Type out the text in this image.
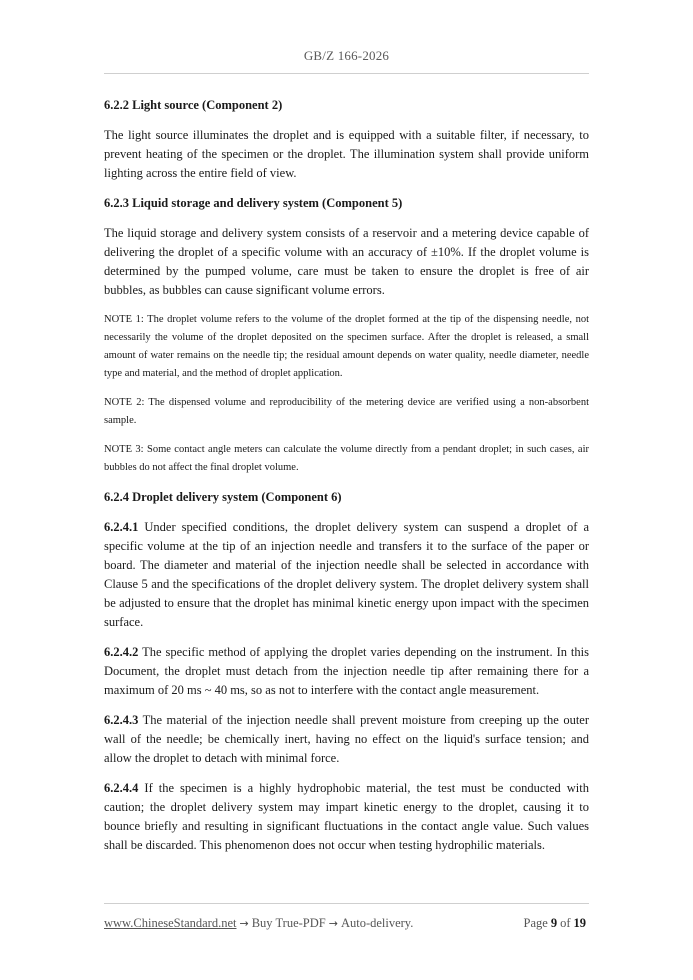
GB/Z 166-2026
6.2.2 Light source (Component 2)

The light source illuminates the droplet and is equipped with a suitable filter, if necessary, to prevent heating of the specimen or the droplet. The illumination system shall provide uniform lighting across the entire field of view.

6.2.3 Liquid storage and delivery system (Component 5)

The liquid storage and delivery system consists of a reservoir and a metering device capable of delivering the droplet of a specific volume with an accuracy of ±10%. If the droplet volume is determined by the pumped volume, care must be taken to ensure the droplet is free of air bubbles, as bubbles can cause significant volume errors.

NOTE 1: The droplet volume refers to the volume of the droplet formed at the tip of the dispensing needle, not necessarily the volume of the droplet deposited on the specimen surface. After the droplet is released, a small amount of water remains on the needle tip; the residual amount depends on water quality, needle diameter, needle type and material, and the method of droplet application.

NOTE 2: The dispensed volume and reproducibility of the metering device are verified using a non-absorbent sample.

NOTE 3: Some contact angle meters can calculate the volume directly from a pendant droplet; in such cases, air bubbles do not affect the final droplet volume.

6.2.4 Droplet delivery system (Component 6)

6.2.4.1 Under specified conditions, the droplet delivery system can suspend a droplet of a specific volume at the tip of an injection needle and transfers it to the surface of the paper or board. The diameter and material of the injection needle shall be selected in accordance with Clause 5 and the specifications of the droplet delivery system. The droplet delivery system shall be adjusted to ensure that the droplet has minimal kinetic energy upon impact with the specimen surface.

6.2.4.2 The specific method of applying the droplet varies depending on the instrument. In this Document, the droplet must detach from the injection needle tip after remaining there for a maximum of 20 ms ~ 40 ms, so as not to interfere with the contact angle measurement.

6.2.4.3 The material of the injection needle shall prevent moisture from creeping up the outer wall of the needle; be chemically inert, having no effect on the liquid's surface tension; and allow the droplet to detach with minimal force.

6.2.4.4 If the specimen is a highly hydrophobic material, the test must be conducted with caution; the droplet delivery system may impart kinetic energy to the droplet, causing it to bounce briefly and resulting in significant fluctuations in the contact angle value. Such values shall be discarded. This phenomenon does not occur when testing hydrophilic materials.

www.ChineseStandard.net → Buy True-PDF → Auto-delivery.	Page 9 of 19
